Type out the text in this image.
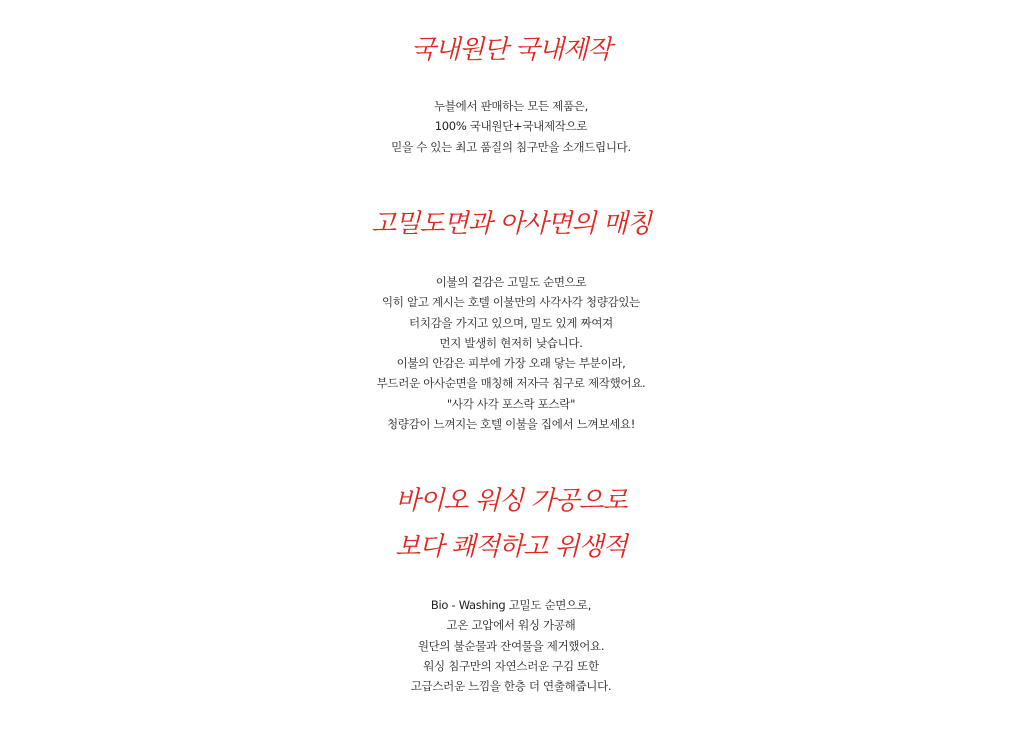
국내원단 국내제작
누블에서 판매하는 모든 제품은,
100% 국내원단+국내제작으로
믿을 수 있는 최고 품질의 침구만을 소개드립니다.
고밀도면과 아사면의 매칭
이불의 겉감은 고밀도 순면으로
익히 알고 계시는 호텔 이불만의 사각사각 청량감있는
터치감을 가지고 있으며, 밀도 있게 짜여져
먼지 발생히 현저히 낮습니다.
이불의 안감은 피부에 가장 오래 닿는 부분이라,
부드러운 아사순면을 매칭해 저자극 침구로 제작했어요.
"사각 사각 포스락 포스락"
청량감이 느껴지는 호텔 이불을 집에서 느껴보세요!
바이오 워싱 가공으로
보다 쾌적하고 위생적
Bio - Washing 고밀도 순면으로,
고온 고압에서 워싱 가공해
원단의 불순물과 잔여물을 제거했어요.
워싱 침구만의 자연스러운 구김 또한
고급스러운 느낌을 한층 더 연출해줍니다.
